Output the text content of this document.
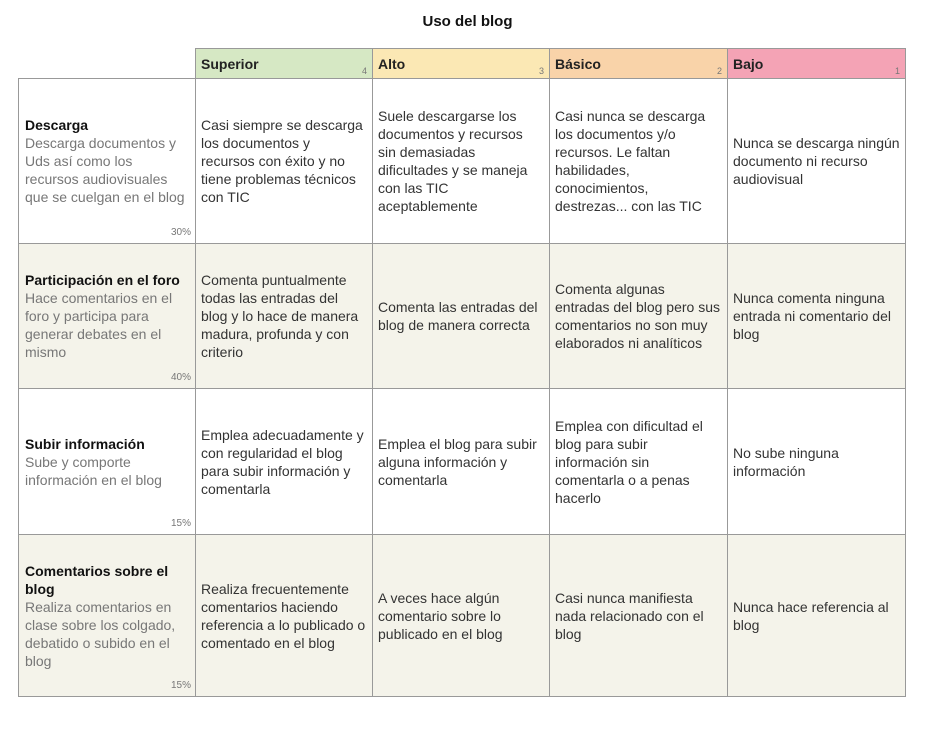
Uso del blog

	Superior 4	Alto 3	Básico 2	Bajo 1

Descarga
Descarga documentos y Uds así como los recursos audiovisuales que se cuelgan en el blog
30%	Casi siempre se descarga los documentos y recursos con éxito y no tiene problemas técnicos con TIC	Suele descargarse los documentos y recursos sin demasiadas dificultades y se maneja con las TIC aceptablemente	Casi nunca se descarga los documentos y/o recursos. Le faltan habilidades, conocimientos, destrezas... con las TIC	Nunca se descarga ningún documento ni recurso audiovisual

Participación en el foro
Hace comentarios en el foro y participa para generar debates en el mismo
40%	Comenta puntualmente todas las entradas del blog y lo hace de manera madura, profunda y con criterio	Comenta las entradas del blog de manera correcta	Comenta algunas entradas del blog pero sus comentarios no son muy elaborados ni analíticos	Nunca comenta ninguna entrada ni comentario del blog

Subir información
Sube y comporte información en el blog
15%	Emplea adecuadamente y con regularidad el blog para subir información y comentarla	Emplea el blog para subir alguna información y comentarla	Emplea con dificultad el blog para subir información sin comentarla o a penas hacerlo	No sube ninguna información

Comentarios sobre el blog
Realiza comentarios en clase sobre los colgado, debatido o subido en el blog
15%	Realiza frecuentemente comentarios haciendo referencia a lo publicado o comentado en el blog	A veces hace algún comentario sobre lo publicado en el blog	Casi nunca manifiesta nada relacionado con el blog	Nunca hace referencia al blog
